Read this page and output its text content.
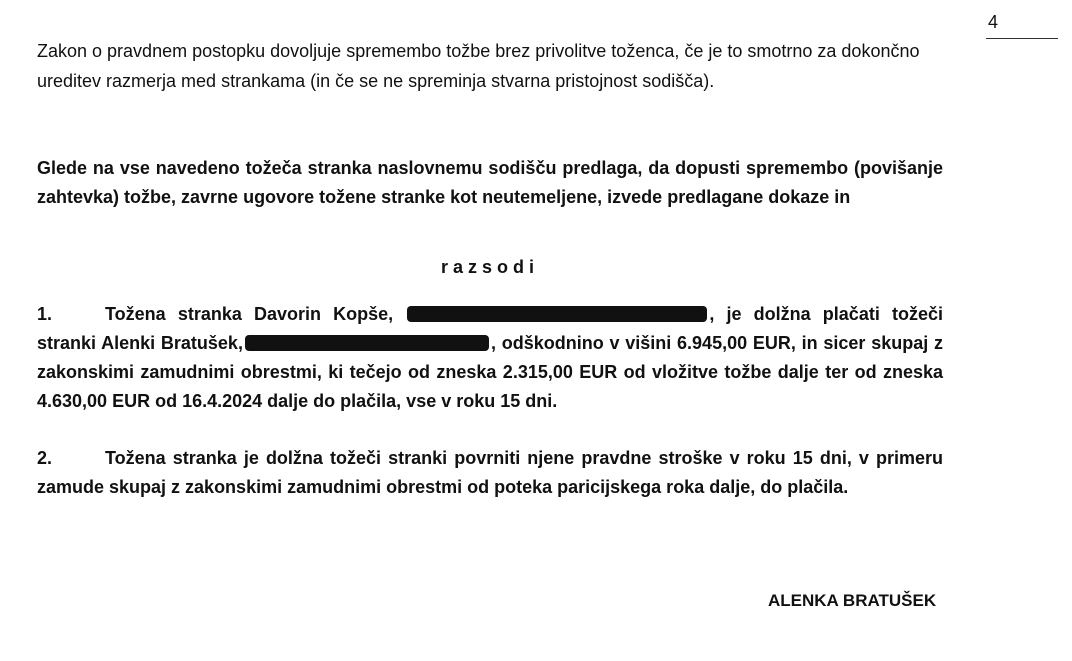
4

Zakon o pravdnem postopku dovoljuje spremembo tožbe brez privolitve toženca, če je to smotrno za dokončno ureditev razmerja med strankama (in če se ne spreminja stvarna pristojnost sodišča).

Glede na vse navedeno tožeča stranka naslovnemu sodišču predlaga, da dopusti spremembo (povišanje zahtevka) tožbe, zavrne ugovore tožene stranke kot neutemeljene, izvede predlagane dokaze in

razsodi

1.	Tožena stranka Davorin Kopše,	, je dolžna plačati tožeči stranki Alenki Bratušek,	, odškodnino v višini 6.945,00 EUR, in sicer skupaj z zakonskimi zamudnimi obrestmi, ki tečejo od zneska 2.315,00 EUR od vložitve tožbe dalje ter od zneska 4.630,00 EUR od 16.4.2024 dalje do plačila, vse v roku 15 dni.

2.	Tožena stranka je dolžna tožeči stranki povrniti njene pravdne stroške v roku 15 dni, v primeru zamude skupaj z zakonskimi zamudnimi obrestmi od poteka paricijskega roka dalje, do plačila.

ALENKA BRATUŠEK
